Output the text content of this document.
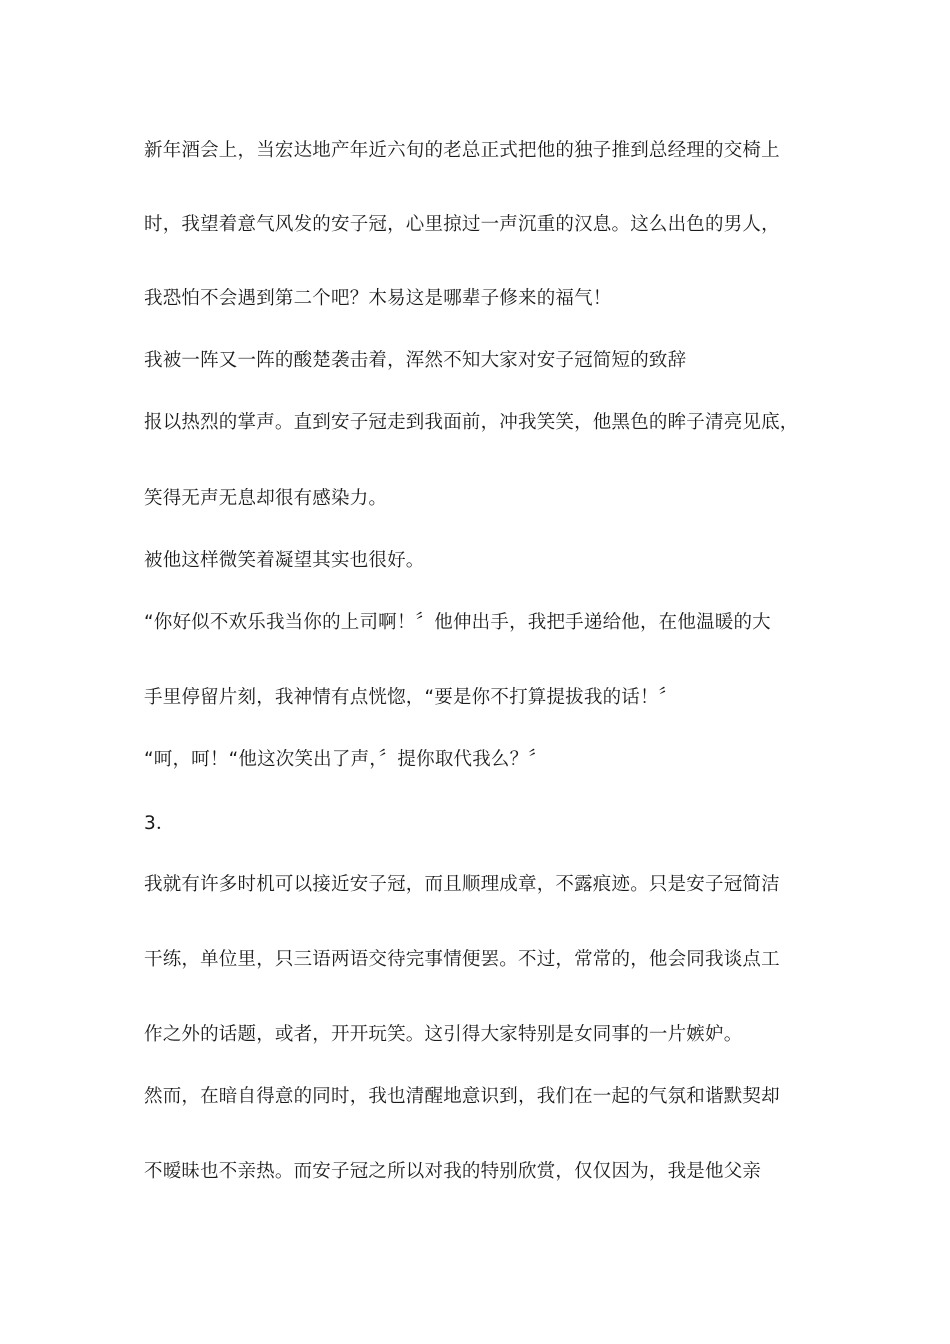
新年酒会上，当宏达地产年近六旬的老总正式把他的独子推到总经理的交椅上
时，我望着意气风发的安子冠，心里掠过一声沉重的汉息。这么出色的男人，
我恐怕不会遇到第二个吧？木易这是哪辈子修来的福气！
我被一阵又一阵的酸楚袭击着，浑然不知大家对安子冠简短的致辞
报以热烈的掌声。直到安子冠走到我面前，冲我笑笑，他黑色的眸子清亮见底，
笑得无声无息却很有感染力。
被他这样微笑着凝望其实也很好。
“你好似不欢乐我当你的上司啊！〞他伸出手，我把手递给他，在他温暖的大
手里停留片刻，我神情有点恍惚，“要是你不打算提拔我的话！〞
“呵，呵！“他这次笑出了声，〞提你取代我么？〞
3．
我就有许多时机可以接近安子冠，而且顺理成章，不露痕迹。只是安子冠简洁
干练，单位里，只三语两语交待完事情便罢。不过，常常的，他会同我谈点工
作之外的话题，或者，开开玩笑。这引得大家特别是女同事的一片嫉妒。
然而，在暗自得意的同时，我也清醒地意识到，我们在一起的气氛和谐默契却
不暧昧也不亲热。而安子冠之所以对我的特别欣赏，仅仅因为，我是他父亲
